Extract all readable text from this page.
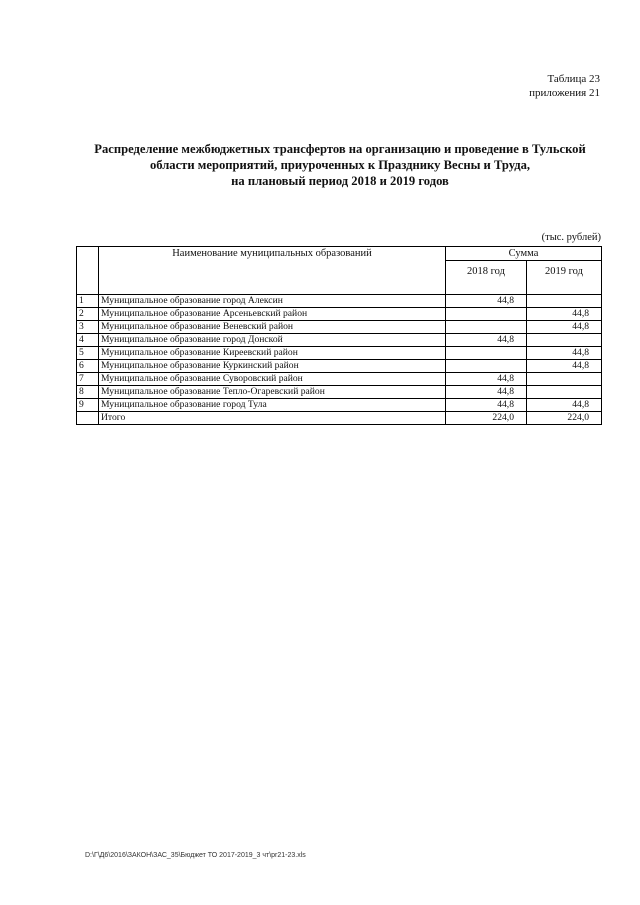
Таблица 23
приложения 21
Распределение межбюджетных трансфертов на организацию и проведение в Тульской
области мероприятий, приуроченных к Празднику Весны и Труда,
на плановый период 2018 и 2019 годов
(тыс. рублей)
	Наименование муниципальных образований	Сумма	
		2018 год	2019 год
1	Муниципальное образование город Алексин	44,8	
2	Муниципальное образование Арсеньевский район		44,8
3	Муниципальное образование Веневский район		44,8
4	Муниципальное образование город Донской	44,8	
5	Муниципальное образование Киреевский район		44,8
6	Муниципальное образование Куркинский район		44,8
7	Муниципальное образование Суворовский район	44,8	
8	Муниципальное образование Тепло-Огаревский район	44,8	
9	Муниципальное образование город Тула	44,8	44,8
	Итого	224,0	224,0
D:\Г\Д6\2016\ЗАКОН\ЗАС_35\Бюджет ТО 2017-2019_3 чт\pr21-23.xls
